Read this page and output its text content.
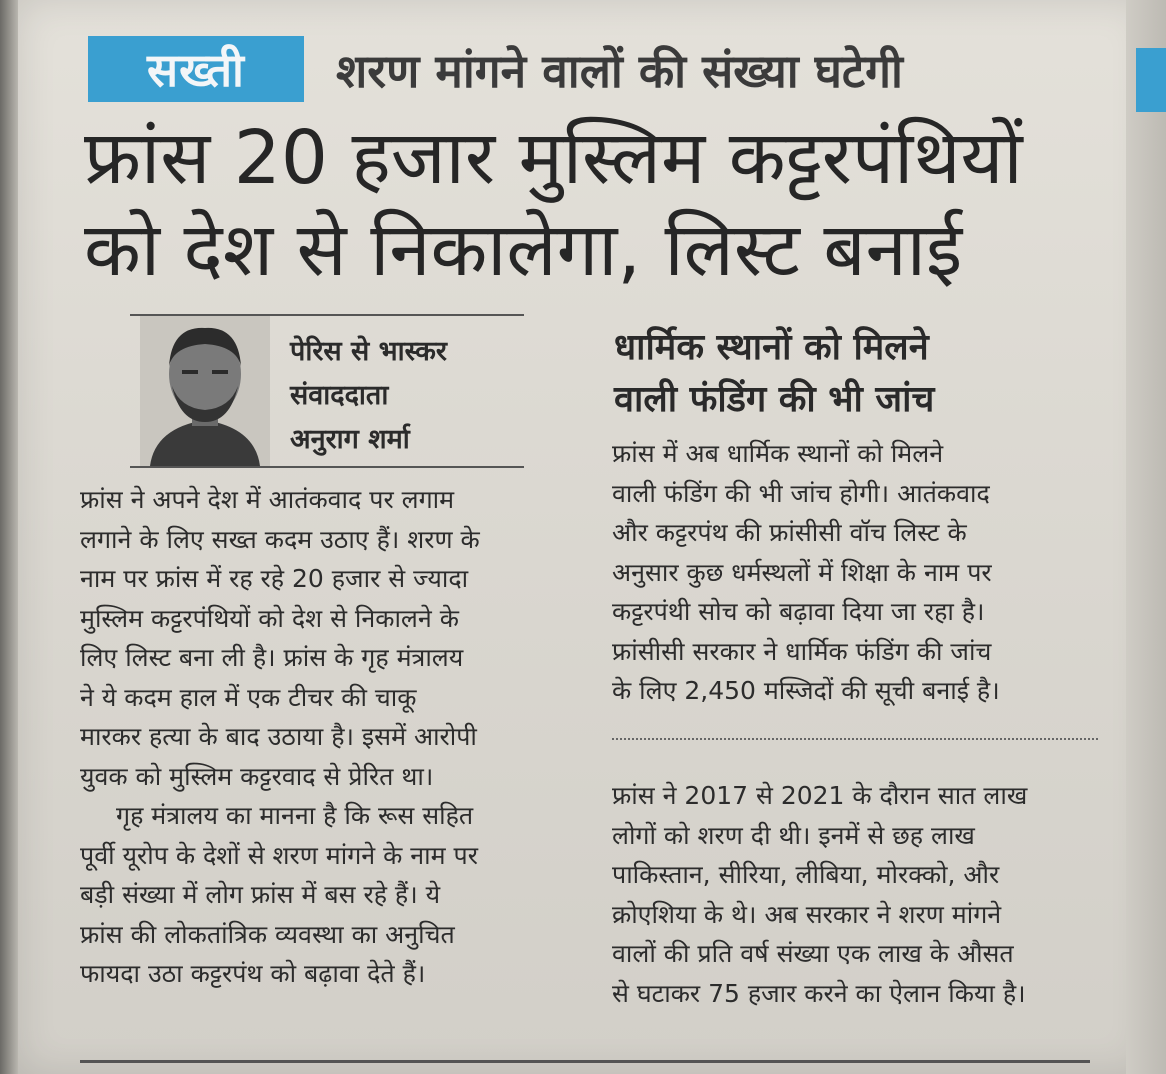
सख्ती	शरण मांगने वालों की संख्या घटेगी
फ्रांस 20 हजार मुस्लिम कट्टरपंथियों
को देश से निकालेगा, लिस्ट बनाई
पेरिस से भास्कर
संवाददाता
अनुराग शर्मा
फ्रांस ने अपने देश में आतंकवाद पर लगाम
लगाने के लिए सख्त कदम उठाए हैं। शरण के
नाम पर फ्रांस में रह रहे 20 हजार से ज्यादा
मुस्लिम कट्टरपंथियों को देश से निकालने के
लिए लिस्ट बना ली है। फ्रांस के गृह मंत्रालय
ने ये कदम हाल में एक टीचर की चाकू
मारकर हत्या के बाद उठाया है। इसमें आरोपी
युवक को मुस्लिम कट्टरवाद से प्रेरित था।
गृह मंत्रालय का मानना है कि रूस सहित
पूर्वी यूरोप के देशों से शरण मांगने के नाम पर
बड़ी संख्या में लोग फ्रांस में बस रहे हैं। ये
फ्रांस की लोकतांत्रिक व्यवस्था का अनुचित
फायदा उठा कट्टरपंथ को बढ़ावा देते हैं।
धार्मिक स्थानों को मिलने
वाली फंडिंग की भी जांच
फ्रांस में अब धार्मिक स्थानों को मिलने
वाली फंडिंग की भी जांच होगी। आतंकवाद
और कट्टरपंथ की फ्रांसीसी वॉच लिस्ट के
अनुसार कुछ धर्मस्थलों में शिक्षा के नाम पर
कट्टरपंथी सोच को बढ़ावा दिया जा रहा है।
फ्रांसीसी सरकार ने धार्मिक फंडिंग की जांच
के लिए 2,450 मस्जिदों की सूची बनाई है।
फ्रांस ने 2017 से 2021 के दौरान सात लाख
लोगों को शरण दी थी। इनमें से छह लाख
पाकिस्तान, सीरिया, लीबिया, मोरक्को, और
क्रोएशिया के थे। अब सरकार ने शरण मांगने
वालों की प्रति वर्ष संख्या एक लाख के औसत
से घटाकर 75 हजार करने का ऐलान किया है।
